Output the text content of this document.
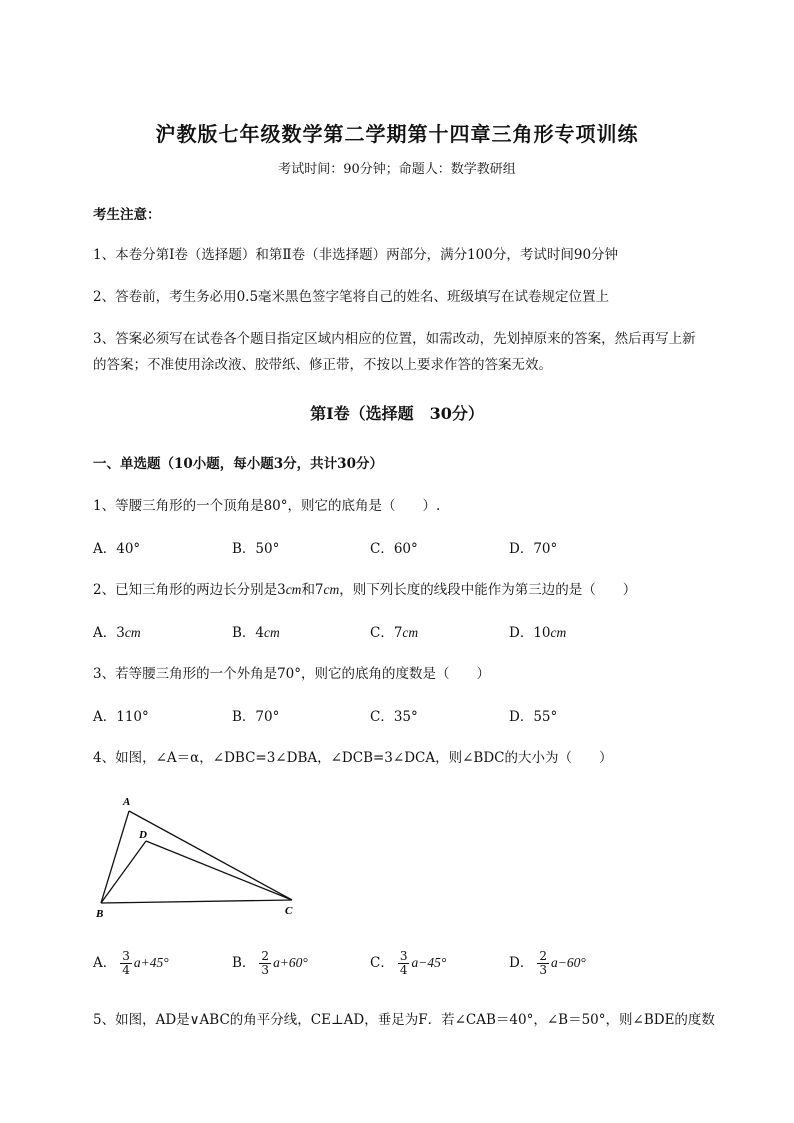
沪教版七年级数学第二学期第十四章三角形专项训练
考试时间：90分钟；命题人：数学教研组
考生注意：
1、本卷分第I卷（选择题）和第Ⅱ卷（非选择题）两部分，满分100分，考试时间90分钟
2、答卷前，考生务必用0.5毫米黑色签字笔将自己的姓名、班级填写在试卷规定位置上
3、答案必须写在试卷各个题目指定区域内相应的位置，如需改动，先划掉原来的答案，然后再写上新
的答案；不准使用涂改液、胶带纸、修正带，不按以上要求作答的答案无效。
第I卷（选择题　30分）
一、单选题（10小题，每小题3分，共计30分）
1、等腰三角形的一个顶角是80°，则它的底角是（　　）.
A．40°	B．50°	C．60°	D．70°
2、已知三角形的两边长分别是3cm和7cm，则下列长度的线段中能作为第三边的是（　　）
A．3cm	B．4cm	C．7cm	D．10cm
3、若等腰三角形的一个外角是70°，则它的底角的度数是（　　）
A．110°	B．70°	C．35°	D．55°
4、如图，∠A＝α，∠DBC=3∠DBA，∠DCB=3∠DCA，则∠BDC的大小为（　　）
A
D
B	C
A． $\frac{3}{4} a+45^\circ$	B． $\frac{2}{3} a+60^\circ$	C． $\frac{3}{4} a-45^\circ$	D． $\frac{2}{3} a-60^\circ$
5、如图，AD是∨ABC的角平分线，CE⊥AD，垂足为F．若∠CAB＝40°，∠B＝50°，则∠BDE的度数
